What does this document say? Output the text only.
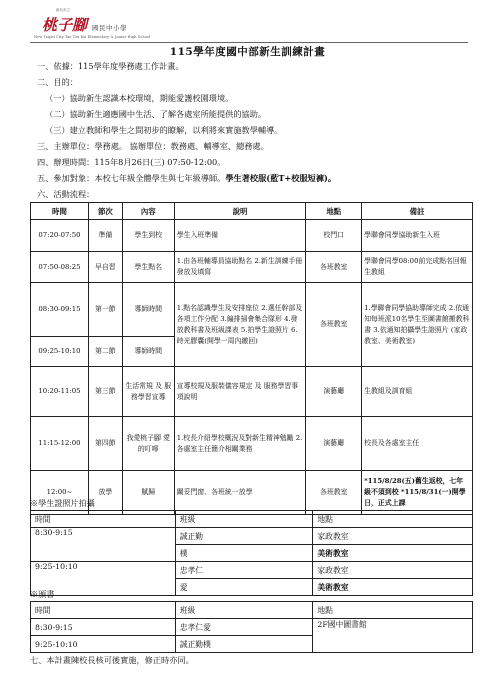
新北市立
桃子腳 國民中小學
New Taipei City Tao Tzu Ksi Elementary & Junior High School
115學年度國中部新生訓練計畫
一、依據：115學年度學務處工作計畫。
二、目的：
（一）協助新生認識本校環境，期能愛護校園環境。
（二）協助新生適應國中生活、了解各處室所能提供的協助。
（三）建立教師和學生之間初步的瞭解，以利將來實施教學輔導。
三、主辦單位：學務處。 協辦單位：教務處、輔導室、總務處。
四、辦理時間：115年8月26日(三) 07:50-12:00。
五、參加對象：本校七年級全體學生與七年級導師。學生著校服(藍T+校服短褲)。
六、活動流程：
時間	節次	內容	說明	地點	備註
07:20-07:50	準備	學生到校	學生入班準備	校門口	學聯會同學協助新生入班
07:50-08:25	早自習	學生點名	1.由各班輔導員協助點名 2.新生訓練手冊發放及填寫	各班教室	學聯會同學08:00前完成點名回報生教組
08:30-09:15	第一節	導師時間	1.點名認識學生及安排座位 2.選任幹部及各項工作分配 3.編排掃會集合隊形 4.發放教科書及班級課表 5.拍學生證照片 6.時光膠囊(開學一周內繳回)	各班教室	1.學聯會同學協助導師完成 2.依通知每班派10名學生至圖書館搬教科書 3.依通知拍攝學生證照片 (家政教室、美術教室)
09:25-10:10	第二節	導師時間			
10:20-11:05	第三節	生活常規 及 服務學習宣導	宣導校規及服裝儀容規定 及 服務學習事項說明	演藝廳	生教組及訓育組
11:15-12:00	第四節	我愛桃子腳 愛的叮嚀	1.校長介紹學校概況及對新生精神勉勵 2.各處室主任簡介相關業務	演藝廳	校長及各處室主任
12:00~	放學	賦歸	關妥門窗、各班統一放學	各班教室	*115/8/28(五)舊生返校，七年級不須到校 *115/8/31(一)開學日，正式上課
※學生證照片拍攝
時間	班級	地點
8:30-9:15	誠正勤	家政教室
	樸	美術教室
9:25-10:10	忠孝仁	家政教室
	愛	美術教室
※頒書
時間	班級	地點
8:30-9:15	忠孝仁愛	2F國中圖書館
9:25-10:10	誠正勤樸	
七、本計畫陳校長核可後實施，修正時亦同。
